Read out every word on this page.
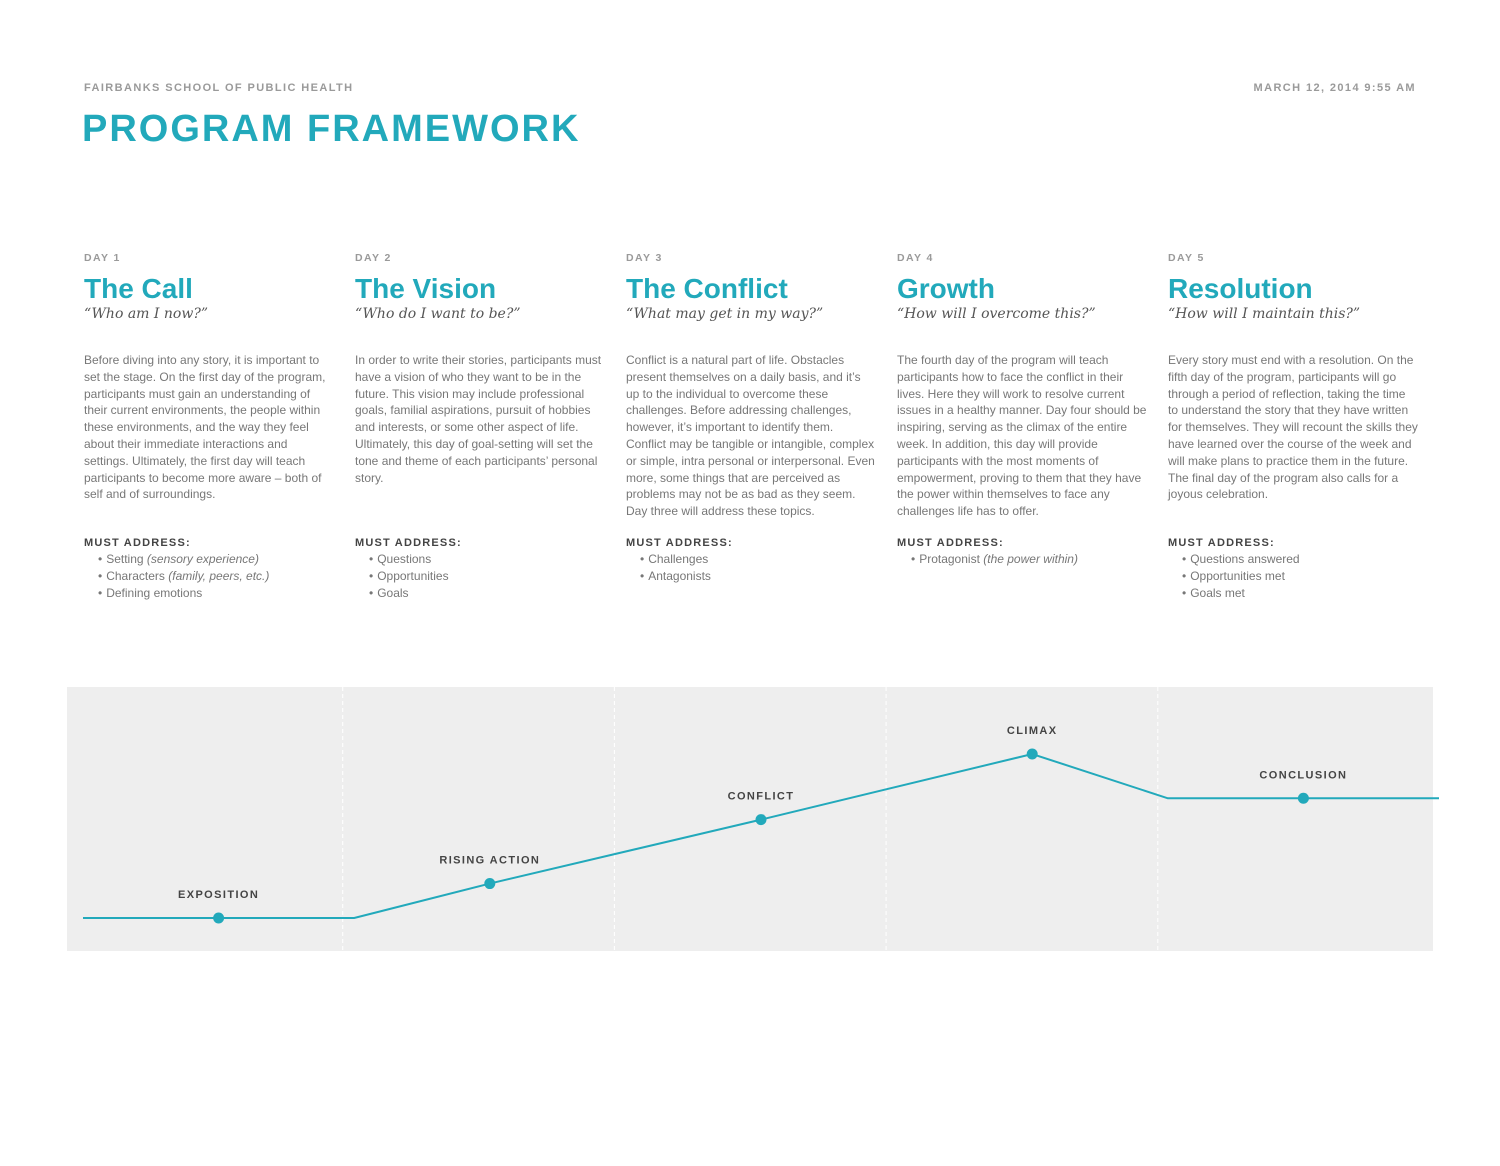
FAIRBANKS SCHOOL OF PUBLIC HEALTH	MARCH 12, 2014 9:55 AM
PROGRAM FRAMEWORK
DAY 1
The Call
“Who am I now?”
Before diving into any story, it is important to set the stage. On the first day of the program, participants must gain an understanding of their current environments, the people within these environments, and the way they feel about their immediate interactions and settings. Ultimately, the first day will teach participants to become more aware – both of self and of surroundings.
MUST ADDRESS:
• Setting (sensory experience)
• Characters (family, peers, etc.)
• Defining emotions
DAY 2
The Vision
“Who do I want to be?”
In order to write their stories, participants must have a vision of who they want to be in the future. This vision may include professional goals, familial aspirations, pursuit of hobbies and interests, or some other aspect of life. Ultimately, this day of goal-setting will set the tone and theme of each participants’ personal story.
MUST ADDRESS:
• Questions
• Opportunities
• Goals
DAY 3
The Conflict
“What may get in my way?”
Conflict is a natural part of life. Obstacles present themselves on a daily basis, and it’s up to the individual to overcome these challenges. Before addressing challenges, however, it’s important to identify them. Conflict may be tangible or intangible, complex or simple, intra personal or interpersonal. Even more, some things that are perceived as problems may not be as bad as they seem. Day three will address these topics.
MUST ADDRESS:
• Challenges
• Antagonists
DAY 4
Growth
“How will I overcome this?”
The fourth day of the program will teach participants how to face the conflict in their lives. Here they will work to resolve current issues in a healthy manner. Day four should be inspiring, serving as the climax of the entire week. In addition, this day will provide participants with the most moments of empowerment, proving to them that they have the power within themselves to face any challenges life has to offer.
MUST ADDRESS:
• Protagonist (the power within)
DAY 5
Resolution
“How will I maintain this?”
Every story must end with a resolution. On the fifth day of the program, participants will go through a period of reflection, taking the time to understand the story that they have written for themselves. They will recount the skills they have learned over the course of the week and will make plans to practice them in the future. The final day of the program also calls for a joyous celebration.
MUST ADDRESS:
• Questions answered
• Opportunities met
• Goals met
EXPOSITION
RISING ACTION
CONFLICT
CLIMAX
CONCLUSION
